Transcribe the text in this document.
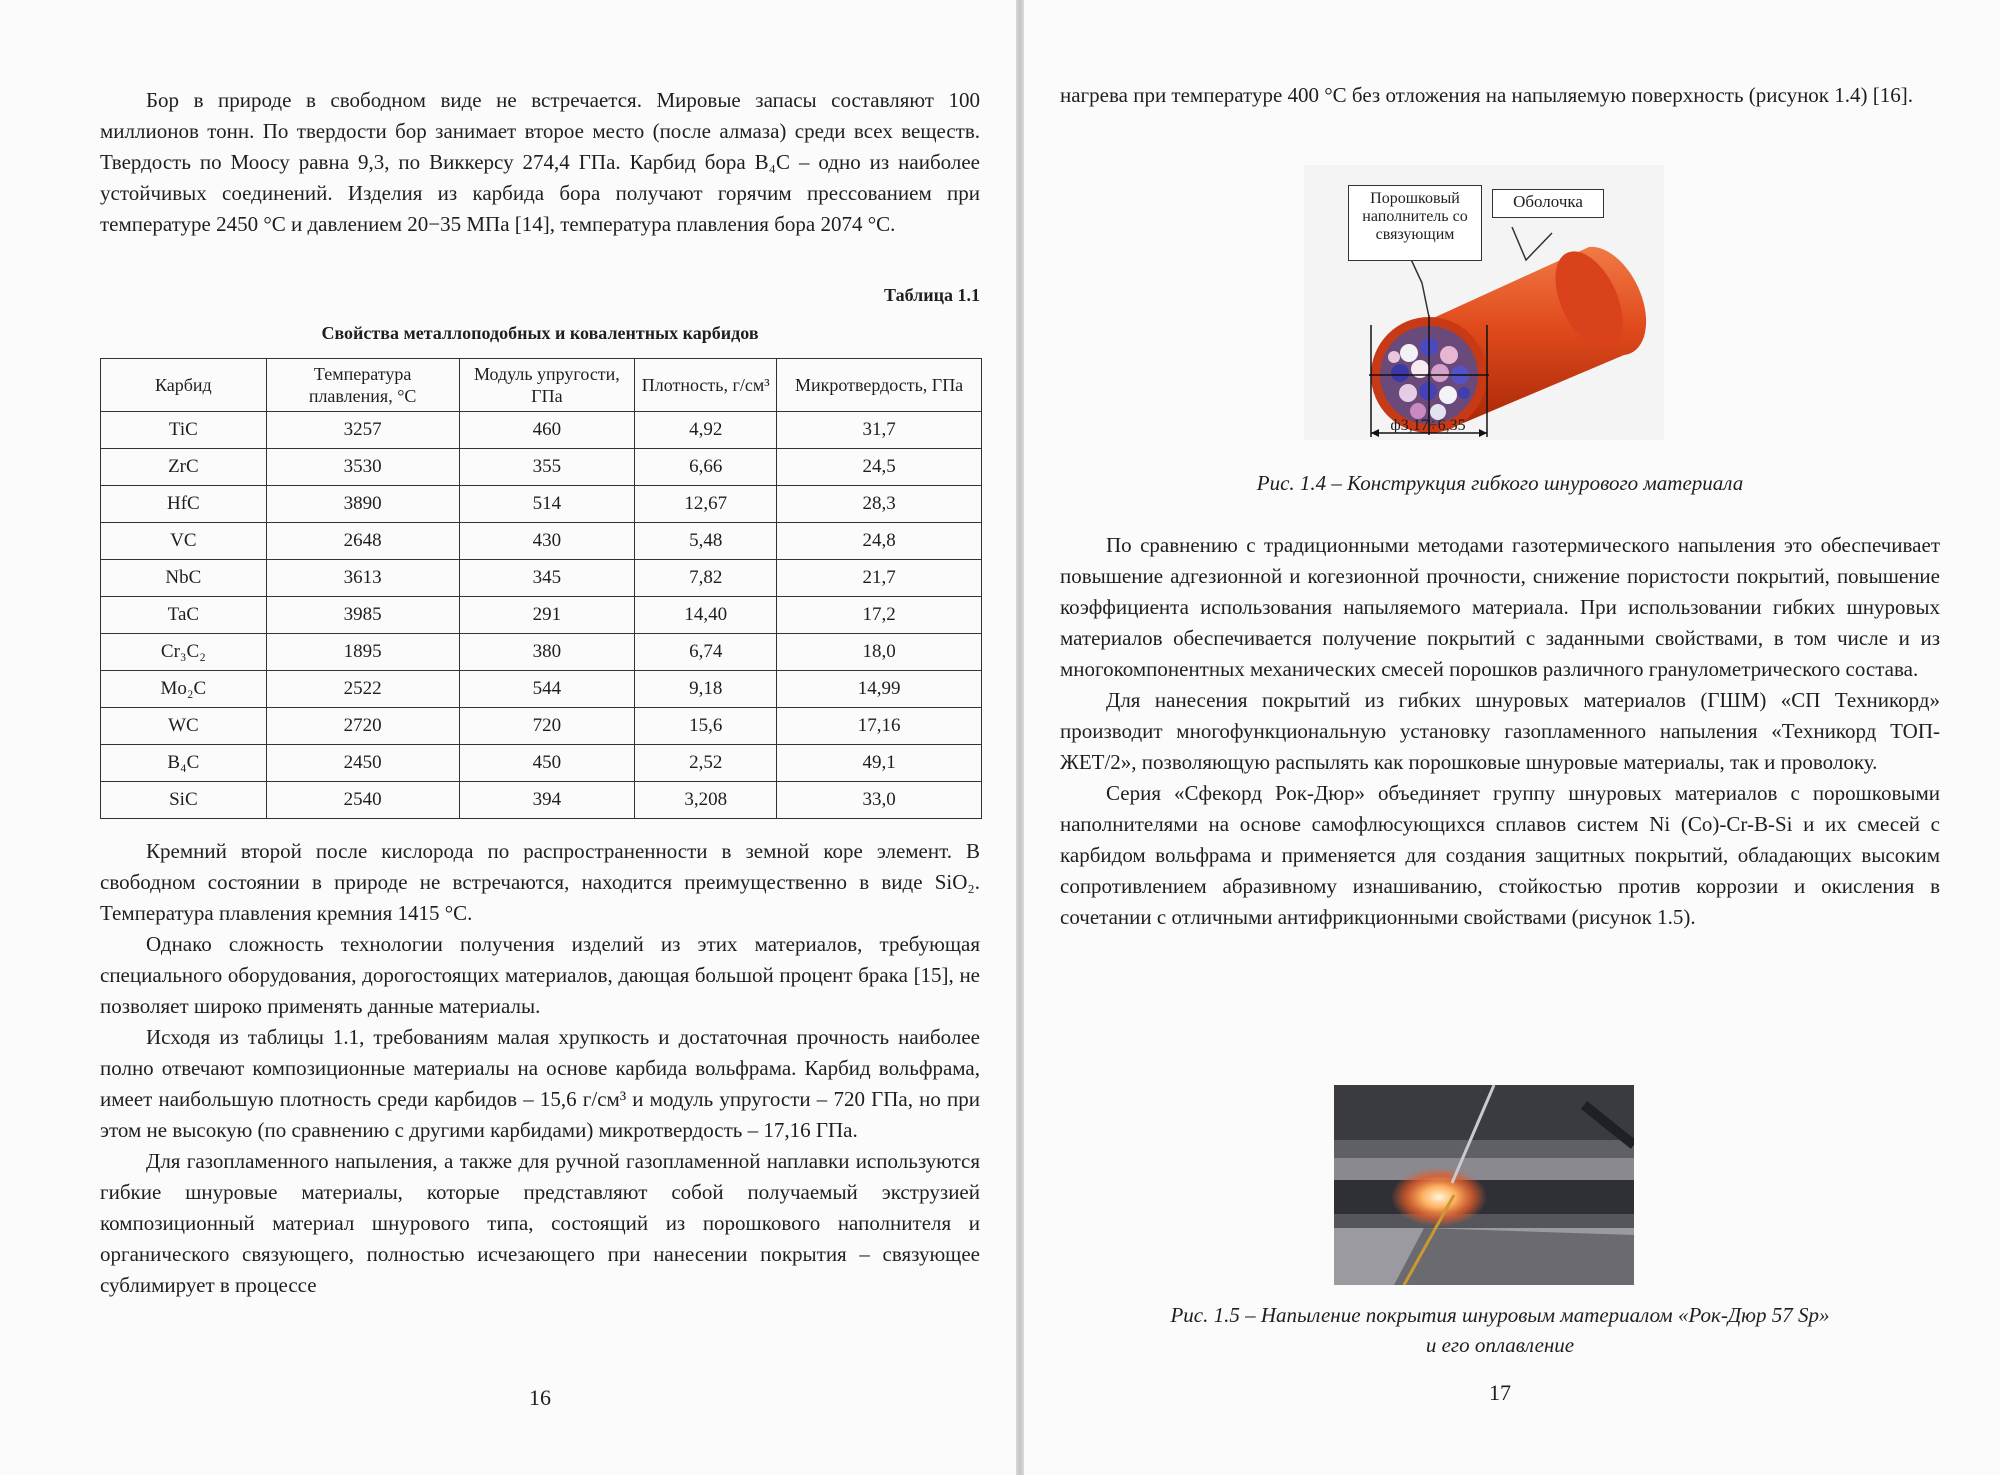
Бор в природе в свободном виде не встречается. Мировые запасы составляют 100 миллионов тонн. По твердости бор занимает второе место (после алмаза) среди всех веществ. Твердость по Моосу равна 9,3, по Виккерсу 274,4 ГПа. Карбид бора B₄C – одно из наиболее устойчивых соединений. Изделия из карбида бора получают горячим прессованием при температуре 2450 °С и давлением 20−35 МПа [14], температура плавления бора 2074 °С.

Таблица 1.1
Свойства металлоподобных и ковалентных карбидов
Карбид	Температура плавления, °С	Модуль упругости, ГПа	Плотность, г/см³	Микротвердость, ГПа
TiC	3257	460	4,92	31,7
ZrC	3530	355	6,66	24,5
HfC	3890	514	12,67	28,3
VC	2648	430	5,48	24,8
NbC	3613	345	7,82	21,7
TaC	3985	291	14,40	17,2
Cr₃C₂	1895	380	6,74	18,0
Mo₂C	2522	544	9,18	14,99
WC	2720	720	15,6	17,16
B₄C	2450	450	2,52	49,1
SiC	2540	394	3,208	33,0

Кремний второй после кислорода по распространенности в земной коре элемент. В свободном состоянии в природе не встречаются, находится преимущественно в виде SiO₂. Температура плавления кремния 1415 °С.

Однако сложность технологии получения изделий из этих материалов, требующая специального оборудования, дорогостоящих материалов, дающая большой процент брака [15], не позволяет широко применять данные материалы.

Исходя из таблицы 1.1, требованиям малая хрупкость и достаточная прочность наиболее полно отвечают композиционные материалы на основе карбида вольфрама. Карбид вольфрама, имеет наибольшую плотность среди карбидов – 15,6 г/см³ и модуль упругости – 720 ГПа, но при этом не высокую (по сравнению с другими карбидами) микротвердость – 17,16 ГПа.

Для газопламенного напыления, а также для ручной газопламенной наплавки используются гибкие шнуровые материалы, которые представляют собой получаемый экструзией композиционный материал шнурового типа, состоящий из порошкового наполнителя и органического связующего, полностью исчезающего при нанесении покрытия – связующее сублимирует в процессе

16

нагрева при температуре 400 °С без отложения на напыляемую поверхность (рисунок 1.4) [16].

Порошковый наполнитель со связующим
Оболочка
ф3,17÷6,35
Рис. 1.4 – Конструкция гибкого шнурового материала

По сравнению с традиционными методами газотермического напыления это обеспечивает повышение адгезионной и когезионной прочности, снижение пористости покрытий, повышение коэффициента использования напыляемого материала. При использовании гибких шнуровых материалов обеспечивается получение покрытий с заданными свойствами, в том числе и из многокомпонентных механических смесей порошков различного гранулометрического состава.

Для нанесения покрытий из гибких шнуровых материалов (ГШМ) «СП Техникорд» производит многофункциональную установку газопламенного напыления «Техникорд ТОП-ЖЕТ/2», позволяющую распылять как порошковые шнуровые материалы, так и проволоку.

Серия «Сфекорд Рок-Дюр» объединяет группу шнуровых материалов с порошковыми наполнителями на основе самофлюсующихся сплавов систем Ni (Co)-Cr-B-Si и их смесей с карбидом вольфрама и применяется для создания защитных покрытий, обладающих высоким сопротивлением абразивному изнашиванию, стойкостью против коррозии и окисления в сочетании с отличными антифрикционными свойствами (рисунок 1.5).

Рис. 1.5 – Напыление покрытия шнуровым материалом «Рок-Дюр 57 Sp»
и его оплавление
17
